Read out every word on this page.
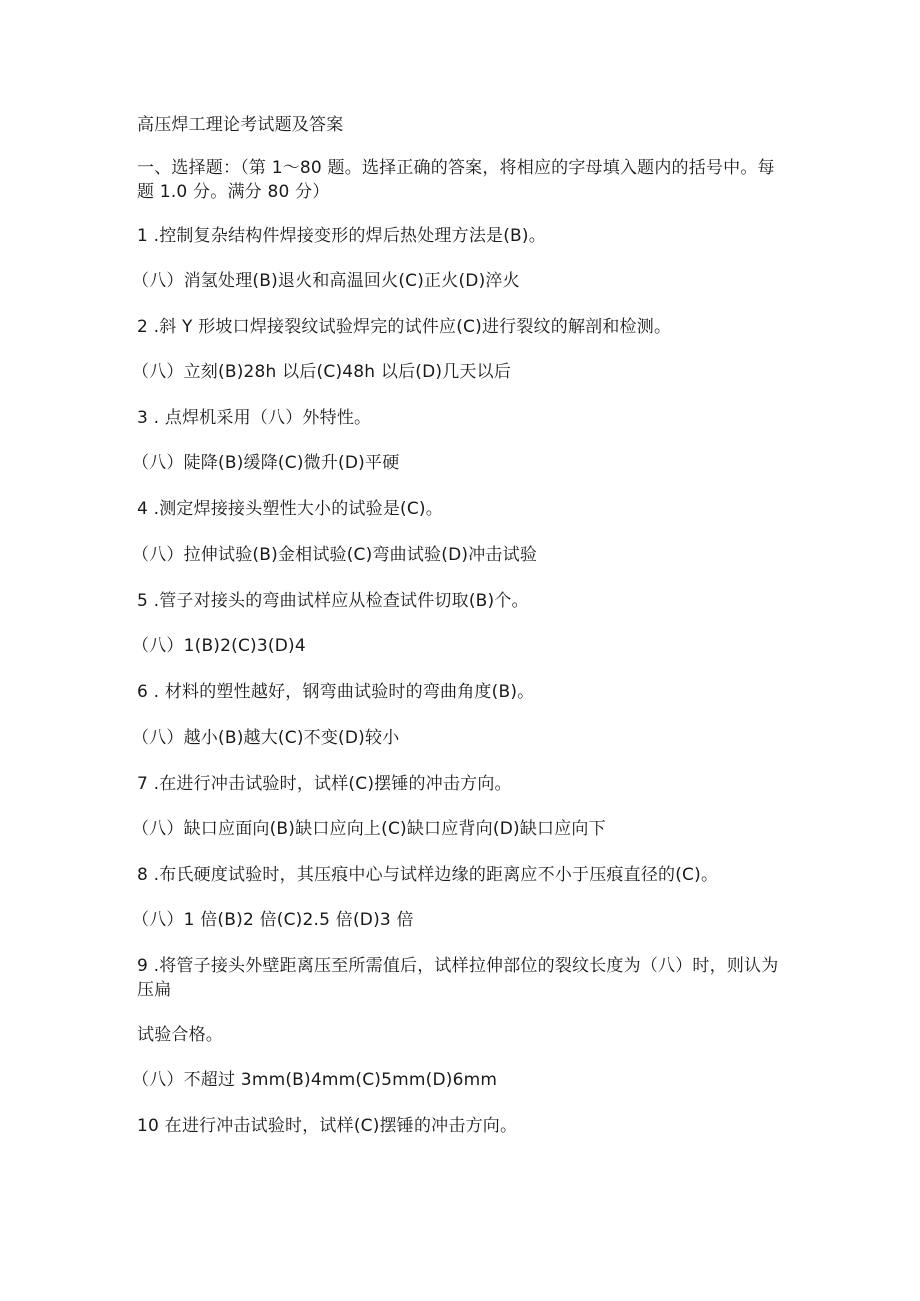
高压焊工理论考试题及答案
一、选择题：（第 1～80 题。选择正确的答案，将相应的字母填入题内的括号中。每题 1.0 分。满分 80 分）
1 .控制复杂结构件焊接变形的焊后热处理方法是(B)。
（八）消氢处理(B)退火和高温回火(C)正火(D)淬火
2 .斜 Y 形坡口焊接裂纹试验焊完的试件应(C)进行裂纹的解剖和检测。
（八）立刻(B)28h 以后(C)48h 以后(D)几天以后
3 . 点焊机采用（八）外特性。
（八）陡降(B)缓降(C)微升(D)平硬
4 .测定焊接接头塑性大小的试验是(C)。
（八）拉伸试验(B)金相试验(C)弯曲试验(D)冲击试验
5 .管子对接头的弯曲试样应从检查试件切取(B)个。
（八）1(B)2(C)3(D)4
6 . 材料的塑性越好，钢弯曲试验时的弯曲角度(B)。
（八）越小(B)越大(C)不变(D)较小
7 .在进行冲击试验时，试样(C)摆锤的冲击方向。
（八）缺口应面向(B)缺口应向上(C)缺口应背向(D)缺口应向下
8 .布氏硬度试验时，其压痕中心与试样边缘的距离应不小于压痕直径的(C)。
（八）1 倍(B)2 倍(C)2.5 倍(D)3 倍
9 .将管子接头外壁距离压至所需值后，试样拉伸部位的裂纹长度为（八）时，则认为压扁
试验合格。
（八）不超过 3mm(B)4mm(C)5mm(D)6mm
10 在进行冲击试验时，试样(C)摆锤的冲击方向。
